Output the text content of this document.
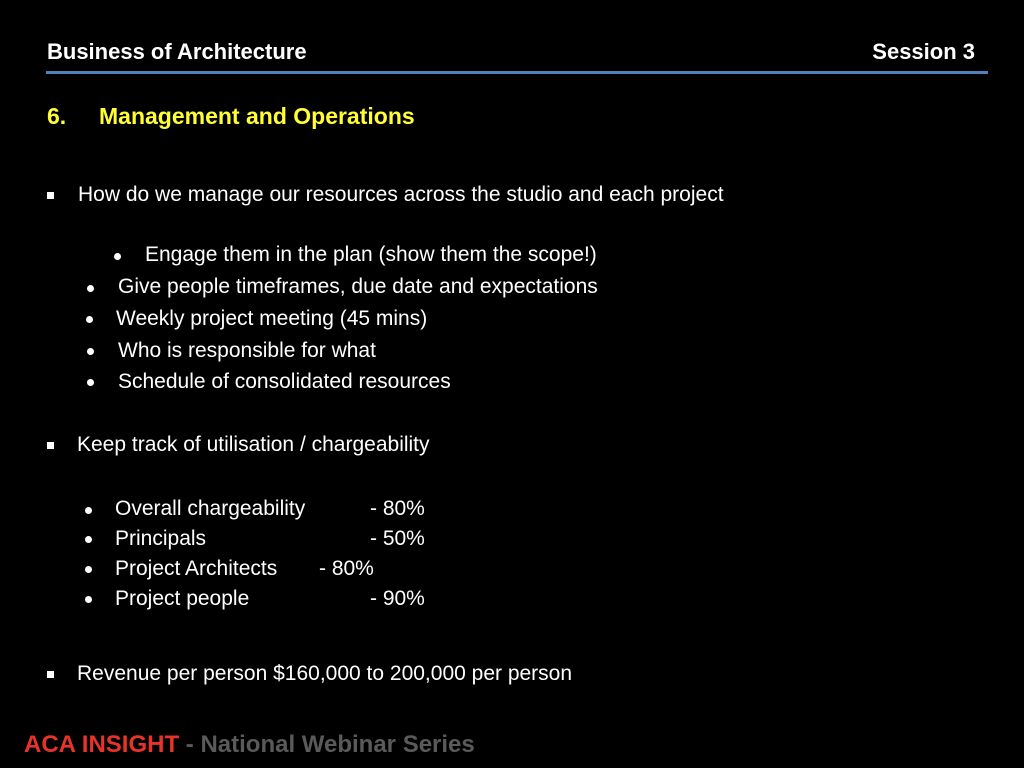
Business of Architecture	Session 3
6. Management and Operations
How do we manage our resources across the studio and each project
Engage them in the plan (show them the scope!)
Give people timeframes, due date and expectations
Weekly project meeting (45 mins)
Who is responsible for what
Schedule of consolidated resources
Keep track of utilisation / chargeability
Overall chargeability	- 80%
Principals	- 50%
Project Architects - 80%
Project people	- 90%
Revenue per person $160,000 to 200,000 per person
ACA INSIGHT - National Webinar Series
